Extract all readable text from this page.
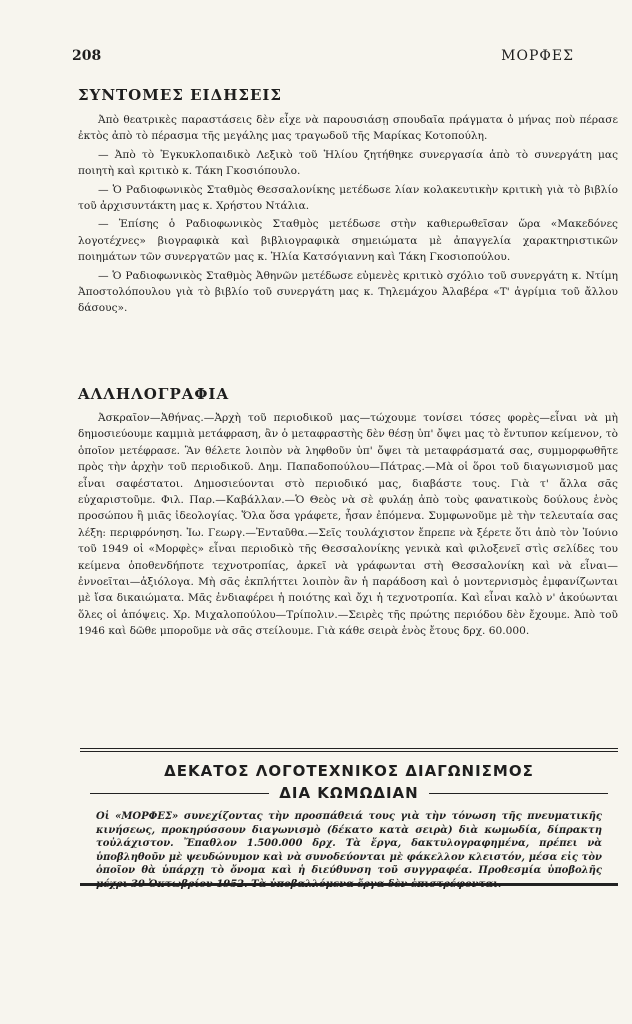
208	ΜΟΡΦΕΣ
ΣΥΝΤΟΜΕΣ ΕΙΔΗΣΕΙΣ

Ἀπὸ θεατρικὲς παραστάσεις δὲν εἶχε νὰ παρουσιάσῃ σπουδαῖα πράγματα ὁ μήνας ποὺ πέρασε ἐκτὸς ἀπὸ τὸ πέρασμα τῆς μεγάλης μας τραγωδοῦ τῆς Μαρίκας Κοτοπούλη.

— Ἀπὸ τὸ Ἐγκυκλοπαιδικὸ Λεξικὸ τοῦ Ἡλίου ζητήθηκε συνεργασία ἀπὸ τὸ συνεργάτη μας ποιητὴ καὶ κριτικὸ κ. Τάκη Γκοσιόπουλο.

— Ὁ Ραδιοφωνικὸς Σταθμὸς Θεσσαλονίκης μετέδωσε λίαν κολακευτικὴν κριτικὴ γιὰ τὸ βιβλίο τοῦ ἀρχισυντάκτη μας κ. Χρήστου Ντάλια.

— Ἐπίσης ὁ Ραδιοφωνικὸς Σταθμὸς μετέδωσε στὴν καθιερωθεῖσαν ὥρα «Μακεδόνες λογοτέχνες» βιογραφικὰ καὶ βιβλιογραφικὰ σημειώματα μὲ ἀπαγγελία χαρακτηριστικῶν ποιημάτων τῶν συνεργατῶν μας κ. Ἠλία Κατσόγιαννη καὶ Τάκη Γκοσιοπούλου.

— Ὁ Ραδιοφωνικὸς Σταθμὸς Ἀθηνῶν μετέδωσε εὐμενὲς κριτικὸ σχόλιο τοῦ συνεργάτη κ. Ντίμη Ἀποστολόπουλου γιὰ τὸ βιβλίο τοῦ συνεργάτη μας κ. Τηλεμάχου Ἀλαβέρα «Τ' ἀγρίμια τοῦ ἄλλου δάσους».

ΑΛΛΗΛΟΓΡΑΦΙΑ

Ἀσκραῖον—Ἀθήνας.—Ἀρχὴ τοῦ περιοδικοῦ μας—τώχουμε τονίσει τόσες φορὲς—εἶναι νὰ μὴ δημοσιεύουμε καμμιὰ μετάφραση, ἂν ὁ μεταφραστὴς δὲν θέσῃ ὑπ' ὄψει μας τὸ ἔντυπον κείμενον, τὸ ὁποῖον μετέφρασε. Ἂν θέλετε λοιπὸν νὰ ληφθοῦν ὑπ' ὄψει τὰ μεταφράσματά σας, συμμορφωθῆτε πρὸς τὴν ἀρχὴν τοῦ περιοδικοῦ. Δημ. Παπαδοπούλου—Πάτρας.—Μὰ οἱ ὅροι τοῦ διαγωνισμοῦ μας εἶναι σαφέστατοι. Δημοσιεύονται στὸ περιοδικό μας, διαβάστε τους. Γιὰ τ' ἄλλα σᾶς εὐχαριστοῦμε. Φιλ. Παρ.—Καβάλλαν.—Ὁ Θεὸς νὰ σὲ φυλάῃ ἀπὸ τοὺς φανατικοὺς δούλους ἑνὸς προσώπου ἢ μιᾶς ἰδεολογίας. Ὅλα ὅσα γράφετε, ἦσαν ἐπόμενα. Συμφωνοῦμε μὲ τὴν τελευταία σας λέξη: περιφρόνηση. Ἰω. Γεωργ.—Ἐνταῦθα.—Σεῖς τουλάχιστον ἔπρεπε νὰ ξέρετε ὅτι ἀπὸ τὸν Ἰούνιο τοῦ 1949 οἱ «Μορφὲς» εἶναι περιοδικὸ τῆς Θεσσαλονίκης γενικὰ καὶ φιλοξενεῖ στὶς σελίδες του κείμενα ὁποθενδήποτε τεχνοτροπίας, ἀρκεῖ νὰ γράφωνται στὴ Θεσσαλονίκη καὶ νὰ εἶναι—ἐννοεῖται—ἀξιόλογα. Μὴ σᾶς ἐκπλήττει λοιπὸν ἂν ἡ παράδοση καὶ ὁ μοντερνισμὸς ἐμφανίζωνται μὲ ἴσα δικαιώματα. Μᾶς ἐνδιαφέρει ἡ ποιότης καὶ ὄχι ἡ τεχνοτροπία. Καὶ εἶναι καλὸ ν' ἀκούωνται ὅλες οἱ ἀπόψεις. Χρ. Μιχαλοπούλου—Τρίπολιν.—Σειρὲς τῆς πρώτης περιόδου δὲν ἔχουμε. Ἀπὸ τοῦ 1946 καὶ δῶθε μποροῦμε νὰ σᾶς στείλουμε. Γιὰ κάθε σειρὰ ἑνὸς ἔτους δρχ. 60.000.

ΔΕΚΑΤΟΣ ΛΟΓΟΤΕΧΝΙΚΟΣ ΔΙΑΓΩΝΙΣΜΟΣ
ΔΙΑ ΚΩΜΩΔΙΑΝ
Οἱ «ΜΟΡΦΕΣ» συνεχίζοντας τὴν προσπάθειά τους γιὰ τὴν τόνωση τῆς πνευματικῆς κινήσεως, προκηρύσσουν διαγωνισμὸ (δέκατο κατὰ σειρὰ) διὰ κωμωδία, δίπρακτη τοὐλάχιστον. Ἔπαθλον 1.500.000 δρχ. Τὰ ἔργα, δακτυλογραφημένα, πρέπει νὰ ὑποβληθοῦν μὲ ψευδώνυμον καὶ νὰ συνοδεύονται μὲ φάκελλον κλειστόν, μέσα εἰς τὸν ὁποῖον θὰ ὑπάρχῃ τὸ ὄνομα καὶ ἡ διεύθυνση τοῦ συγγραφέα. Προθεσμία ὑποβολῆς μέχρι 30 Ὀκτωβρίου 1952. Τὰ ὑποβαλλόμενα ἔργα δὲν ἐπιστρέφονται.
